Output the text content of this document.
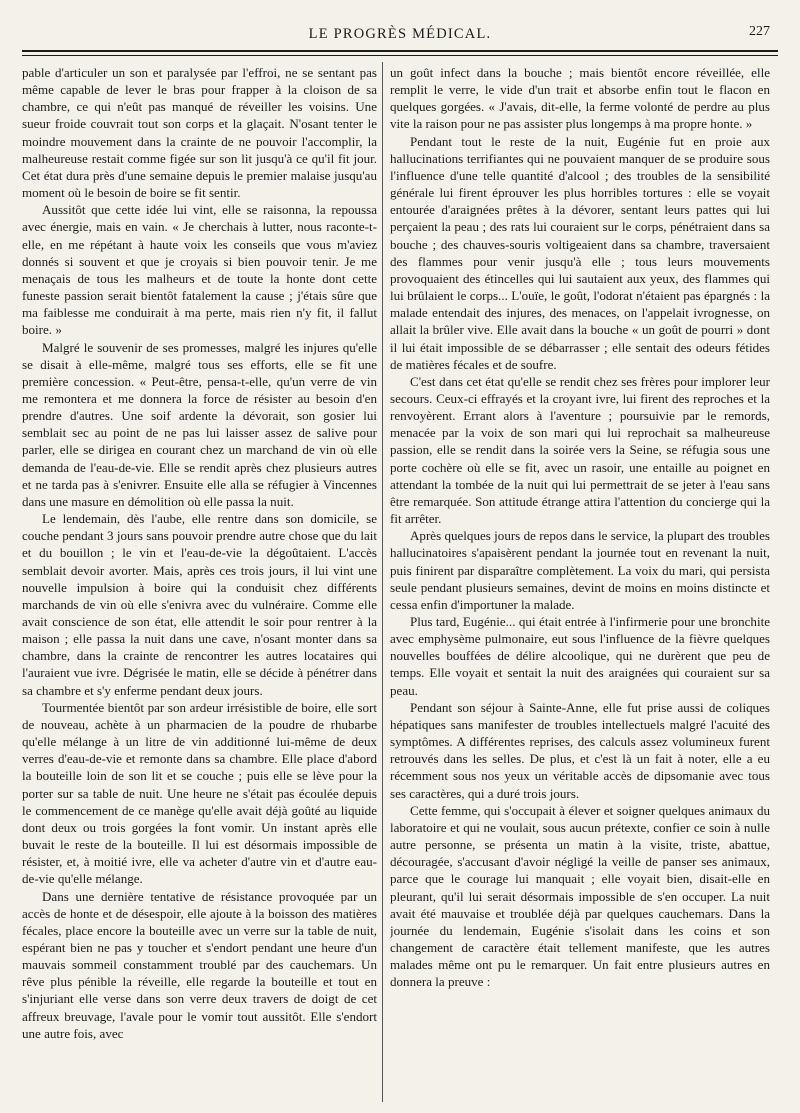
LE PROGRÈS MÉDICAL.	227

pable d'articuler un son et paralysée par l'effroi, ne se sentant pas même capable de lever le bras pour frapper à la cloison de sa chambre, ce qui n'eût pas manqué de réveiller les voisins. Une sueur froide couvrait tout son corps et la glaçait. N'osant tenter le moindre mouvement dans la crainte de ne pouvoir l'accomplir, la malheureuse restait comme figée sur son lit jusqu'à ce qu'il fit jour. Cet état dura près d'une semaine depuis le premier malaise jusqu'au moment où le besoin de boire se fit sentir.

Aussitôt que cette idée lui vint, elle se raisonna, la repoussa avec énergie, mais en vain. « Je cherchais à lutter, nous raconte-t-elle, en me répétant à haute voix les conseils que vous m'aviez donnés si souvent et que je croyais si bien pouvoir tenir. Je me menaçais de tous les malheurs et de toute la honte dont cette funeste passion serait bientôt fatalement la cause ; j'étais sûre que ma faiblesse me conduirait à ma perte, mais rien n'y fit, il fallut boire. »

Malgré le souvenir de ses promesses, malgré les injures qu'elle se disait à elle-même, malgré tous ses efforts, elle se fit une première concession. « Peut-être, pensa-t-elle, qu'un verre de vin me remontera et me donnera la force de résister au besoin d'en prendre d'autres. Une soif ardente la dévorait, son gosier lui semblait sec au point de ne pas lui laisser assez de salive pour parler, elle se dirigea en courant chez un marchand de vin où elle demanda de l'eau-de-vie. Elle se rendit après chez plusieurs autres et ne tarda pas à s'enivrer. Ensuite elle alla se réfugier à Vincennes dans une masure en démolition où elle passa la nuit.

Le lendemain, dès l'aube, elle rentre dans son domicile, se couche pendant 3 jours sans pouvoir prendre autre chose que du lait et du bouillon ; le vin et l'eau-de-vie la dégoûtaient. L'accès semblait devoir avorter. Mais, après ces trois jours, il lui vint une nouvelle impulsion à boire qui la conduisit chez différents marchands de vin où elle s'enivra avec du vulnéraire. Comme elle avait conscience de son état, elle attendit le soir pour rentrer à la maison ; elle passa la nuit dans une cave, n'osant monter dans sa chambre, dans la crainte de rencontrer les autres locataires qui l'auraient vue ivre. Dégrisée le matin, elle se décide à pénétrer dans sa chambre et s'y enferme pendant deux jours.

Tourmentée bientôt par son ardeur irrésistible de boire, elle sort de nouveau, achète à un pharmacien de la poudre de rhubarbe qu'elle mélange à un litre de vin additionné lui-même de deux verres d'eau-de-vie et remonte dans sa chambre. Elle place d'abord la bouteille loin de son lit et se couche ; puis elle se lève pour la porter sur sa table de nuit. Une heure ne s'était pas écoulée depuis le commencement de ce manège qu'elle avait déjà goûté au liquide dont deux ou trois gorgées la font vomir. Un instant après elle buvait le reste de la bouteille. Il lui est désormais impossible de résister, et, à moitié ivre, elle va acheter d'autre vin et d'autre eau-de-vie qu'elle mélange.

Dans une dernière tentative de résistance provoquée par un accès de honte et de désespoir, elle ajoute à la boisson des matières fécales, place encore la bouteille avec un verre sur la table de nuit, espérant bien ne pas y toucher et s'endort pendant une heure d'un mauvais sommeil constamment troublé par des cauchemars. Un rêve plus pénible la réveille, elle regarde la bouteille et tout en s'injuriant elle verse dans son verre deux travers de doigt de cet affreux breuvage, l'avale pour le vomir tout aussitôt. Elle s'endort une autre fois, avec

un goût infect dans la bouche ; mais bientôt encore réveillée, elle remplit le verre, le vide d'un trait et absorbe enfin tout le flacon en quelques gorgées. « J'avais, dit-elle, la ferme volonté de perdre au plus vite la raison pour ne pas assister plus longemps à ma propre honte. »

Pendant tout le reste de la nuit, Eugénie fut en proie aux hallucinations terrifiantes qui ne pouvaient manquer de se produire sous l'influence d'une telle quantité d'alcool ; des troubles de la sensibilité générale lui firent éprouver les plus horribles tortures : elle se voyait entourée d'araignées prêtes à la dévorer, sentant leurs pattes qui lui perçaient la peau ; des rats lui couraient sur le corps, pénétraient dans sa bouche ; des chauves-souris voltigeaient dans sa chambre, traversaient des flammes pour venir jusqu'à elle ; tous leurs mouvements provoquaient des étincelles qui lui sautaient aux yeux, des flammes qui lui brûlaient le corps... L'ouïe, le goût, l'odorat n'étaient pas épargnés : la malade entendait des injures, des menaces, on l'appelait ivrognesse, on allait la brûler vive. Elle avait dans la bouche « un goût de pourri » dont il lui était impossible de se débarrasser ; elle sentait des odeurs fétides de matières fécales et de soufre.

C'est dans cet état qu'elle se rendit chez ses frères pour implorer leur secours. Ceux-ci effrayés et la croyant ivre, lui firent des reproches et la renvoyèrent. Errant alors à l'aventure ; poursuivie par le remords, menacée par la voix de son mari qui lui reprochait sa malheureuse passion, elle se rendit dans la soirée vers la Seine, se réfugia sous une porte cochère où elle se fit, avec un rasoir, une entaille au poignet en attendant la tombée de la nuit qui lui permettrait de se jeter à l'eau sans être remarquée. Son attitude étrange attira l'attention du concierge qui la fit arrêter.

Après quelques jours de repos dans le service, la plupart des troubles hallucinatoires s'apaisèrent pendant la journée tout en revenant la nuit, puis finirent par disparaître complètement. La voix du mari, qui persista seule pendant plusieurs semaines, devint de moins en moins distincte et cessa enfin d'importuner la malade.

Plus tard, Eugénie... qui était entrée à l'infirmerie pour une bronchite avec emphysème pulmonaire, eut sous l'influence de la fièvre quelques nouvelles bouffées de délire alcoolique, qui ne durèrent que peu de temps. Elle voyait et sentait la nuit des araignées qui couraient sur sa peau.

Pendant son séjour à Sainte-Anne, elle fut prise aussi de coliques hépatiques sans manifester de troubles intellectuels malgré l'acuité des symptômes. A différentes reprises, des calculs assez volumineux furent retrouvés dans les selles. De plus, et c'est là un fait à noter, elle a eu récemment sous nos yeux un véritable accès de dipsomanie avec tous ses caractères, qui a duré trois jours.

Cette femme, qui s'occupait à élever et soigner quelques animaux du laboratoire et qui ne voulait, sous aucun prétexte, confier ce soin à nulle autre personne, se présenta un matin à la visite, triste, abattue, découragée, s'accusant d'avoir négligé la veille de panser ses animaux, parce que le courage lui manquait ; elle voyait bien, disait-elle en pleurant, qu'il lui serait désormais impossible de s'en occuper. La nuit avait été mauvaise et troublée déjà par quelques cauchemars. Dans la journée du lendemain, Eugénie s'isolait dans les coins et son changement de caractère était tellement manifeste, que les autres malades même ont pu le remarquer. Un fait entre plusieurs autres en donnera la preuve :
